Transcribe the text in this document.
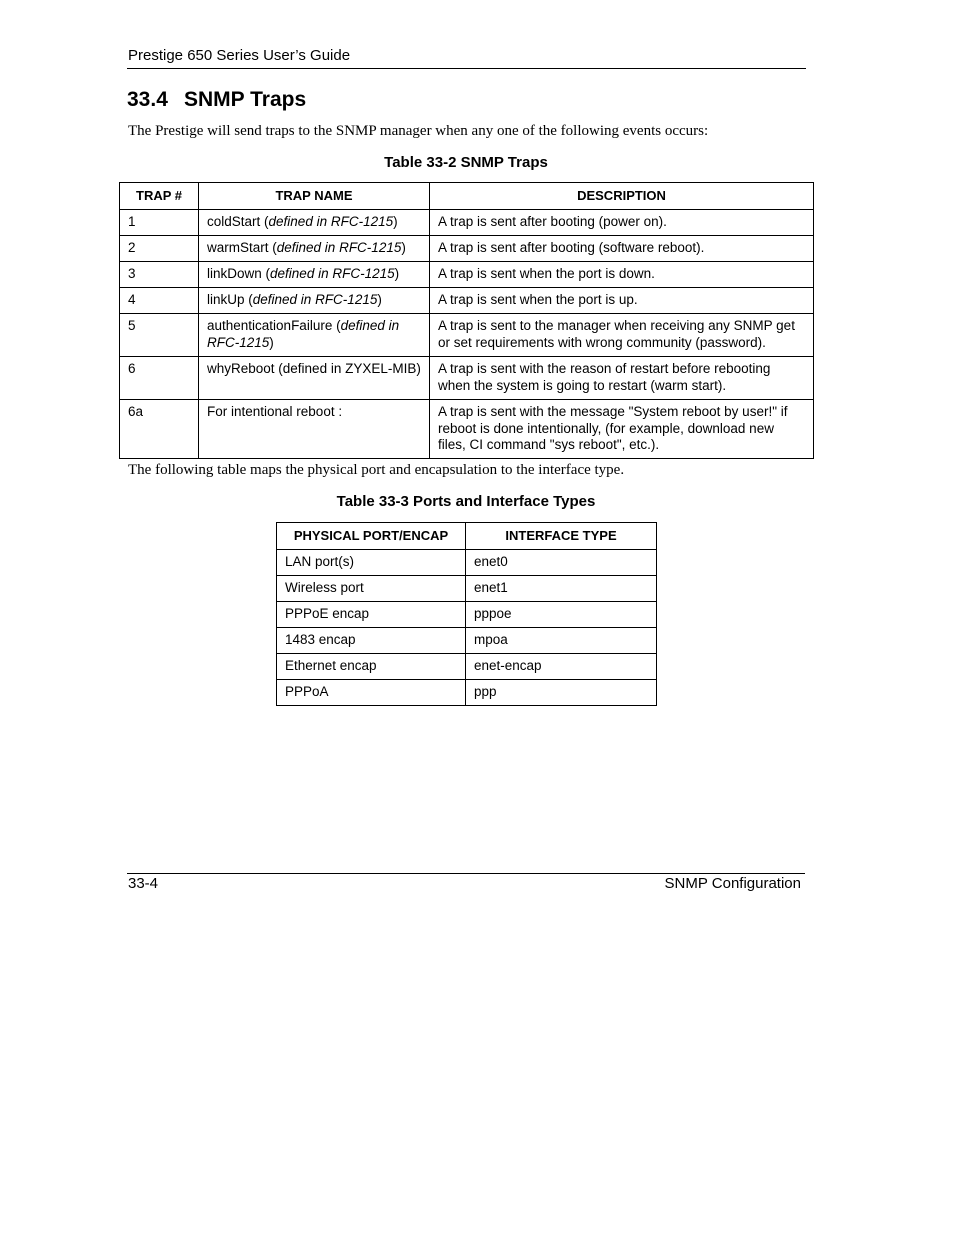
Prestige 650 Series User’s Guide
33.4 SNMP Traps

The Prestige will send traps to the SNMP manager when any one of the following events occurs:

Table 33-2 SNMP Traps

TRAP #	TRAP NAME	DESCRIPTION
1	coldStart (defined in RFC-1215)	A trap is sent after booting (power on).
2	warmStart (defined in RFC-1215)	A trap is sent after booting (software reboot).
3	linkDown (defined in RFC-1215)	A trap is sent when the port is down.
4	linkUp (defined in RFC-1215)	A trap is sent when the port is up.
5	authenticationFailure (defined in RFC-1215)	A trap is sent to the manager when receiving any SNMP get or set requirements with wrong community (password).
6	whyReboot (defined in ZYXEL-MIB)	A trap is sent with the reason of restart before rebooting when the system is going to restart (warm start).
6a	For intentional reboot :	A trap is sent with the message "System reboot by user!" if reboot is done intentionally, (for example, download new files, CI command "sys reboot", etc.).

The following table maps the physical port and encapsulation to the interface type.

Table 33-3 Ports and Interface Types

PHYSICAL PORT/ENCAP	INTERFACE TYPE
LAN port(s)	enet0
Wireless port	enet1
PPPoE encap	pppoe
1483 encap	mpoa
Ethernet encap	enet-encap
PPPoA	ppp
33-4	SNMP Configuration
